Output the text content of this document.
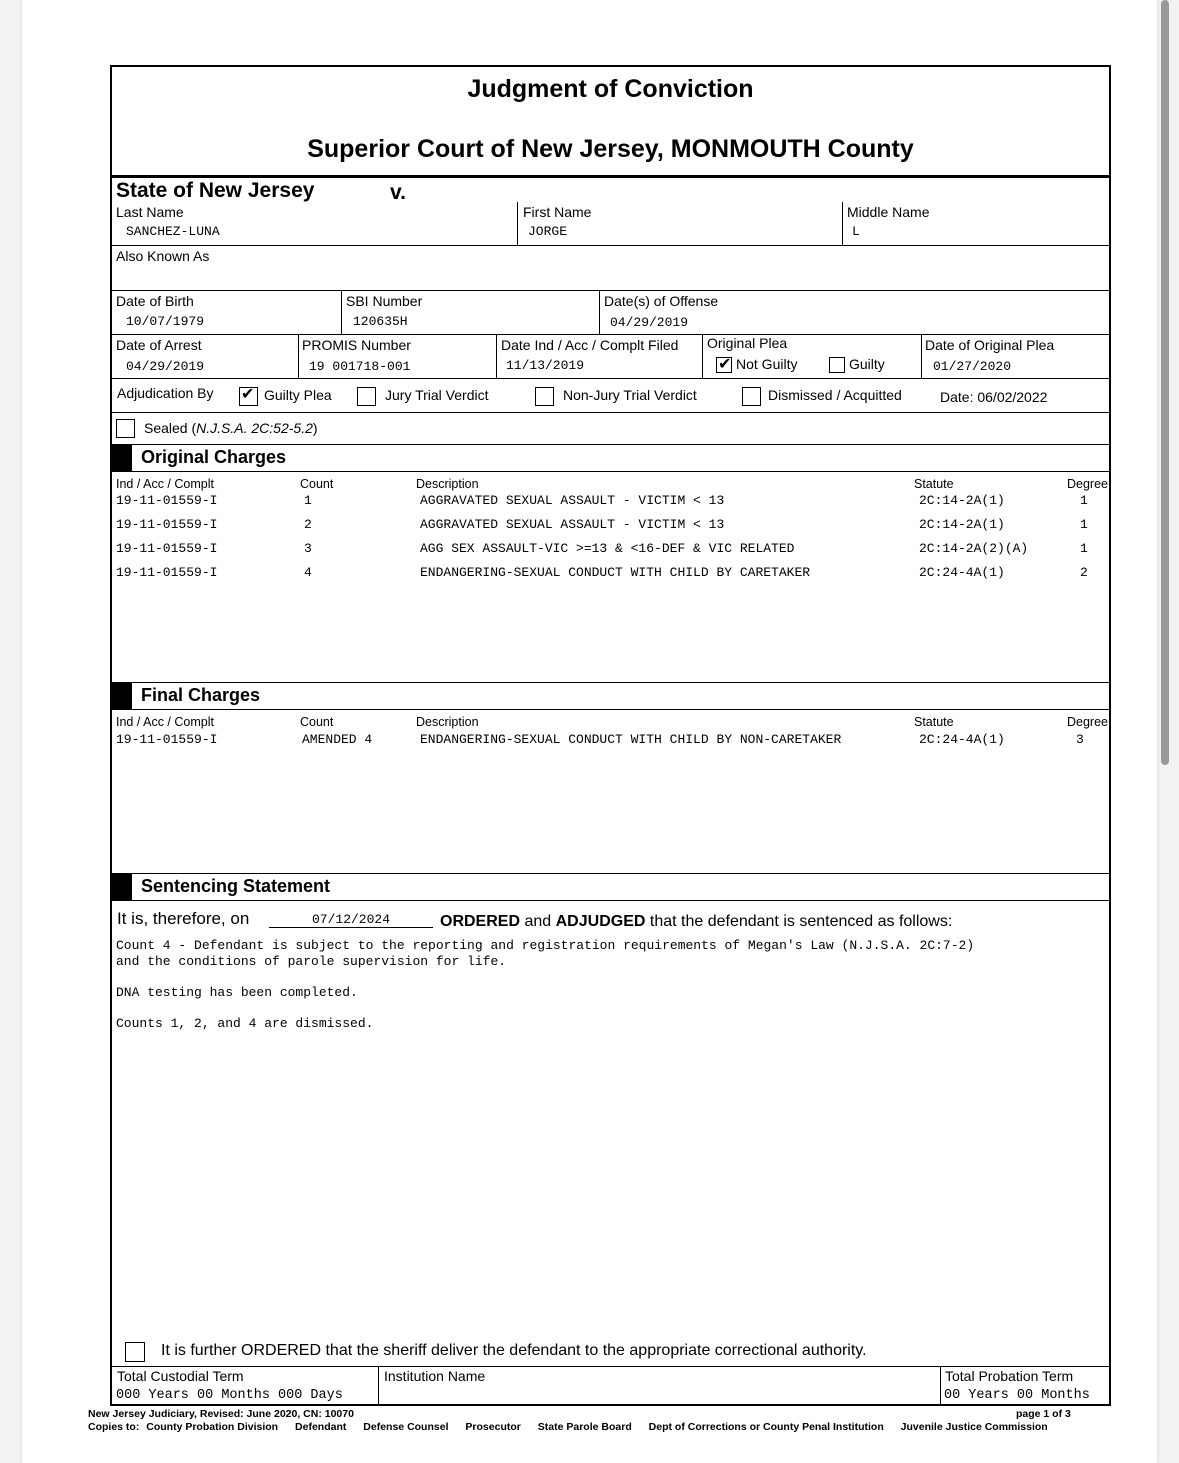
Judgment of Conviction
Superior Court of New Jersey, MONMOUTH County
State of New Jersey	v.
Last Name
SANCHEZ-LUNA
First Name
JORGE
Middle Name
L
Also Known As
Date of Birth
10/07/1979
SBI Number
120635H
Date(s) of Offense
04/29/2019
Date of Arrest
04/29/2019
PROMIS Number
19 001718-001
Date Ind / Acc / Complt Filed
11/13/2019
Original Plea
✔
Not Guilty	Guilty
Date of Original Plea
01/27/2020
Adjudication By
✔	Guilty Plea	Jury Trial Verdict	Non-Jury Trial Verdict	Dismissed / Acquitted	Date: 06/02/2022
Sealed (N.J.S.A. 2C:52-5.2)
Original Charges
Ind / Acc / Complt	Count	Description	Statute	Degree
19-11-01559-I	1	AGGRAVATED SEXUAL ASSAULT - VICTIM < 13	2C:14-2A(1)	1
19-11-01559-I	2	AGGRAVATED SEXUAL ASSAULT - VICTIM < 13	2C:14-2A(1)	1
19-11-01559-I	3	AGG SEX ASSAULT-VIC >=13 & <16-DEF & VIC RELATED	2C:14-2A(2)(A)	1
19-11-01559-I	4	ENDANGERING-SEXUAL CONDUCT WITH CHILD BY CARETAKER	2C:24-4A(1)	2
Final Charges
Ind / Acc / Complt	Count	Description	Statute	Degree
19-11-01559-I	AMENDED 4	ENDANGERING-SEXUAL CONDUCT WITH CHILD BY NON-CARETAKER	2C:24-4A(1)	3
Sentencing Statement
It is, therefore, on	07/12/2024	ORDERED and ADJUDGED that the defendant is sentenced as follows:
Count 4 - Defendant is subject to the reporting and registration requirements of Megan's Law (N.J.S.A. 2C:7-2)
and the conditions of parole supervision for life.
DNA testing has been completed.
Counts 1, 2, and 4 are dismissed.
It is further ORDERED that the sheriff deliver the defendant to the appropriate correctional authority.
Total Custodial Term
000 Years 00 Months 000 Days
Institution Name	Total Probation Term
00 Years 00 Months
New Jersey Judiciary, Revised: June 2020, CN: 10070	page 1 of 3
Copies to: County Probation Division Defendant Defense Counsel Prosecutor State Parole Board Dept of Corrections or County Penal Institution Juvenile Justice Commission
